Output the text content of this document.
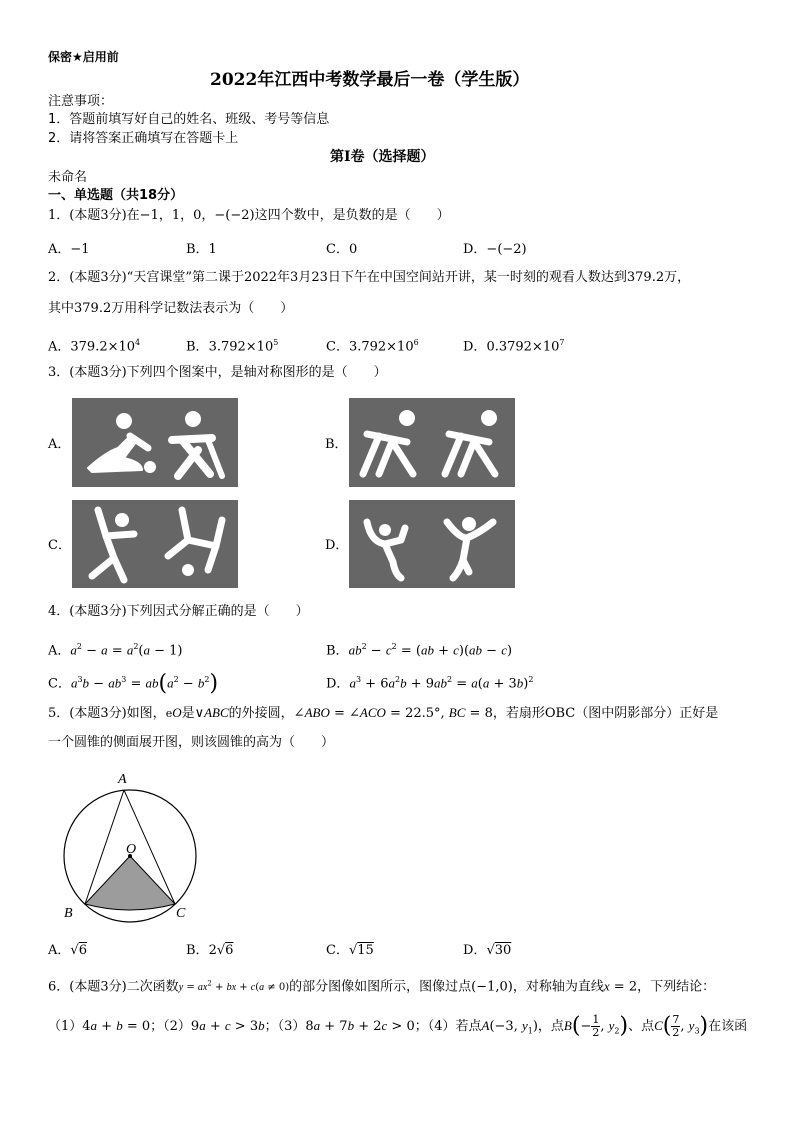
保密★启用前
2022年江西中考数学最后一卷（学生版）
注意事项：
1．答题前填写好自己的姓名、班级、考号等信息
2．请将答案正确填写在答题卡上
第I卷（选择题）
未命名
一、单选题（共18分）
1．(本题3分)在−1，1，0，−(−2)这四个数中，是负数的是（　　）
A．−1	B．1	C．0	D．−(−2)
2．(本题3分)“天宫课堂”第二课于2022年3月23日下午在中国空间站开讲，某一时刻的观看人数达到379.2万，
其中379.2万用科学记数法表示为（　　）
A．$379.2\times 10^4$	B．$3.792\times 10^5$	C．$3.792\times 10^6$	D．$0.3792\times 10^7$
3．(本题3分)下列四个图案中，是轴对称图形的是（　　）
A．	B．
C．	D．
4．(本题3分)下列因式分解正确的是（　　）
A．$a^2 - a = a^2(a - 1)$	B．$ab^2 - c^2 = (ab + c)(ab - c)$
C．$a^3b - ab^3 = ab(a^2 - b^2)$	D．$a^3 + 6a^2b + 9ab^2 = a(a + 3b)^2$
5．(本题3分)如图，eO是∨ABC的外接圆，∠ABO = ∠ACO = 22.5°, BC = 8，若扇形OBC（图中阴影部分）正好是
一个圆锥的侧面展开图，则该圆锥的高为（　　）
A
O
B	C
A．√6	B．2√6	C．√15	D．√30
6．(本题3分)二次函数$y = ax^2$ + bx + c(a ≠ 0)的部分图像如图所示，图像过点(−1,0)，对称轴为直线x = 2，下列结论：
（1）4a + b = 0；（2）9a + c > 3b；（3）8a + 7b + 2c > 0；（4）若点A(−3, $y_1$)，点$B(- \frac{1}{2}$ , $y_2$)、点$C( \frac{7}{2}$ , $y_3$)在该函
